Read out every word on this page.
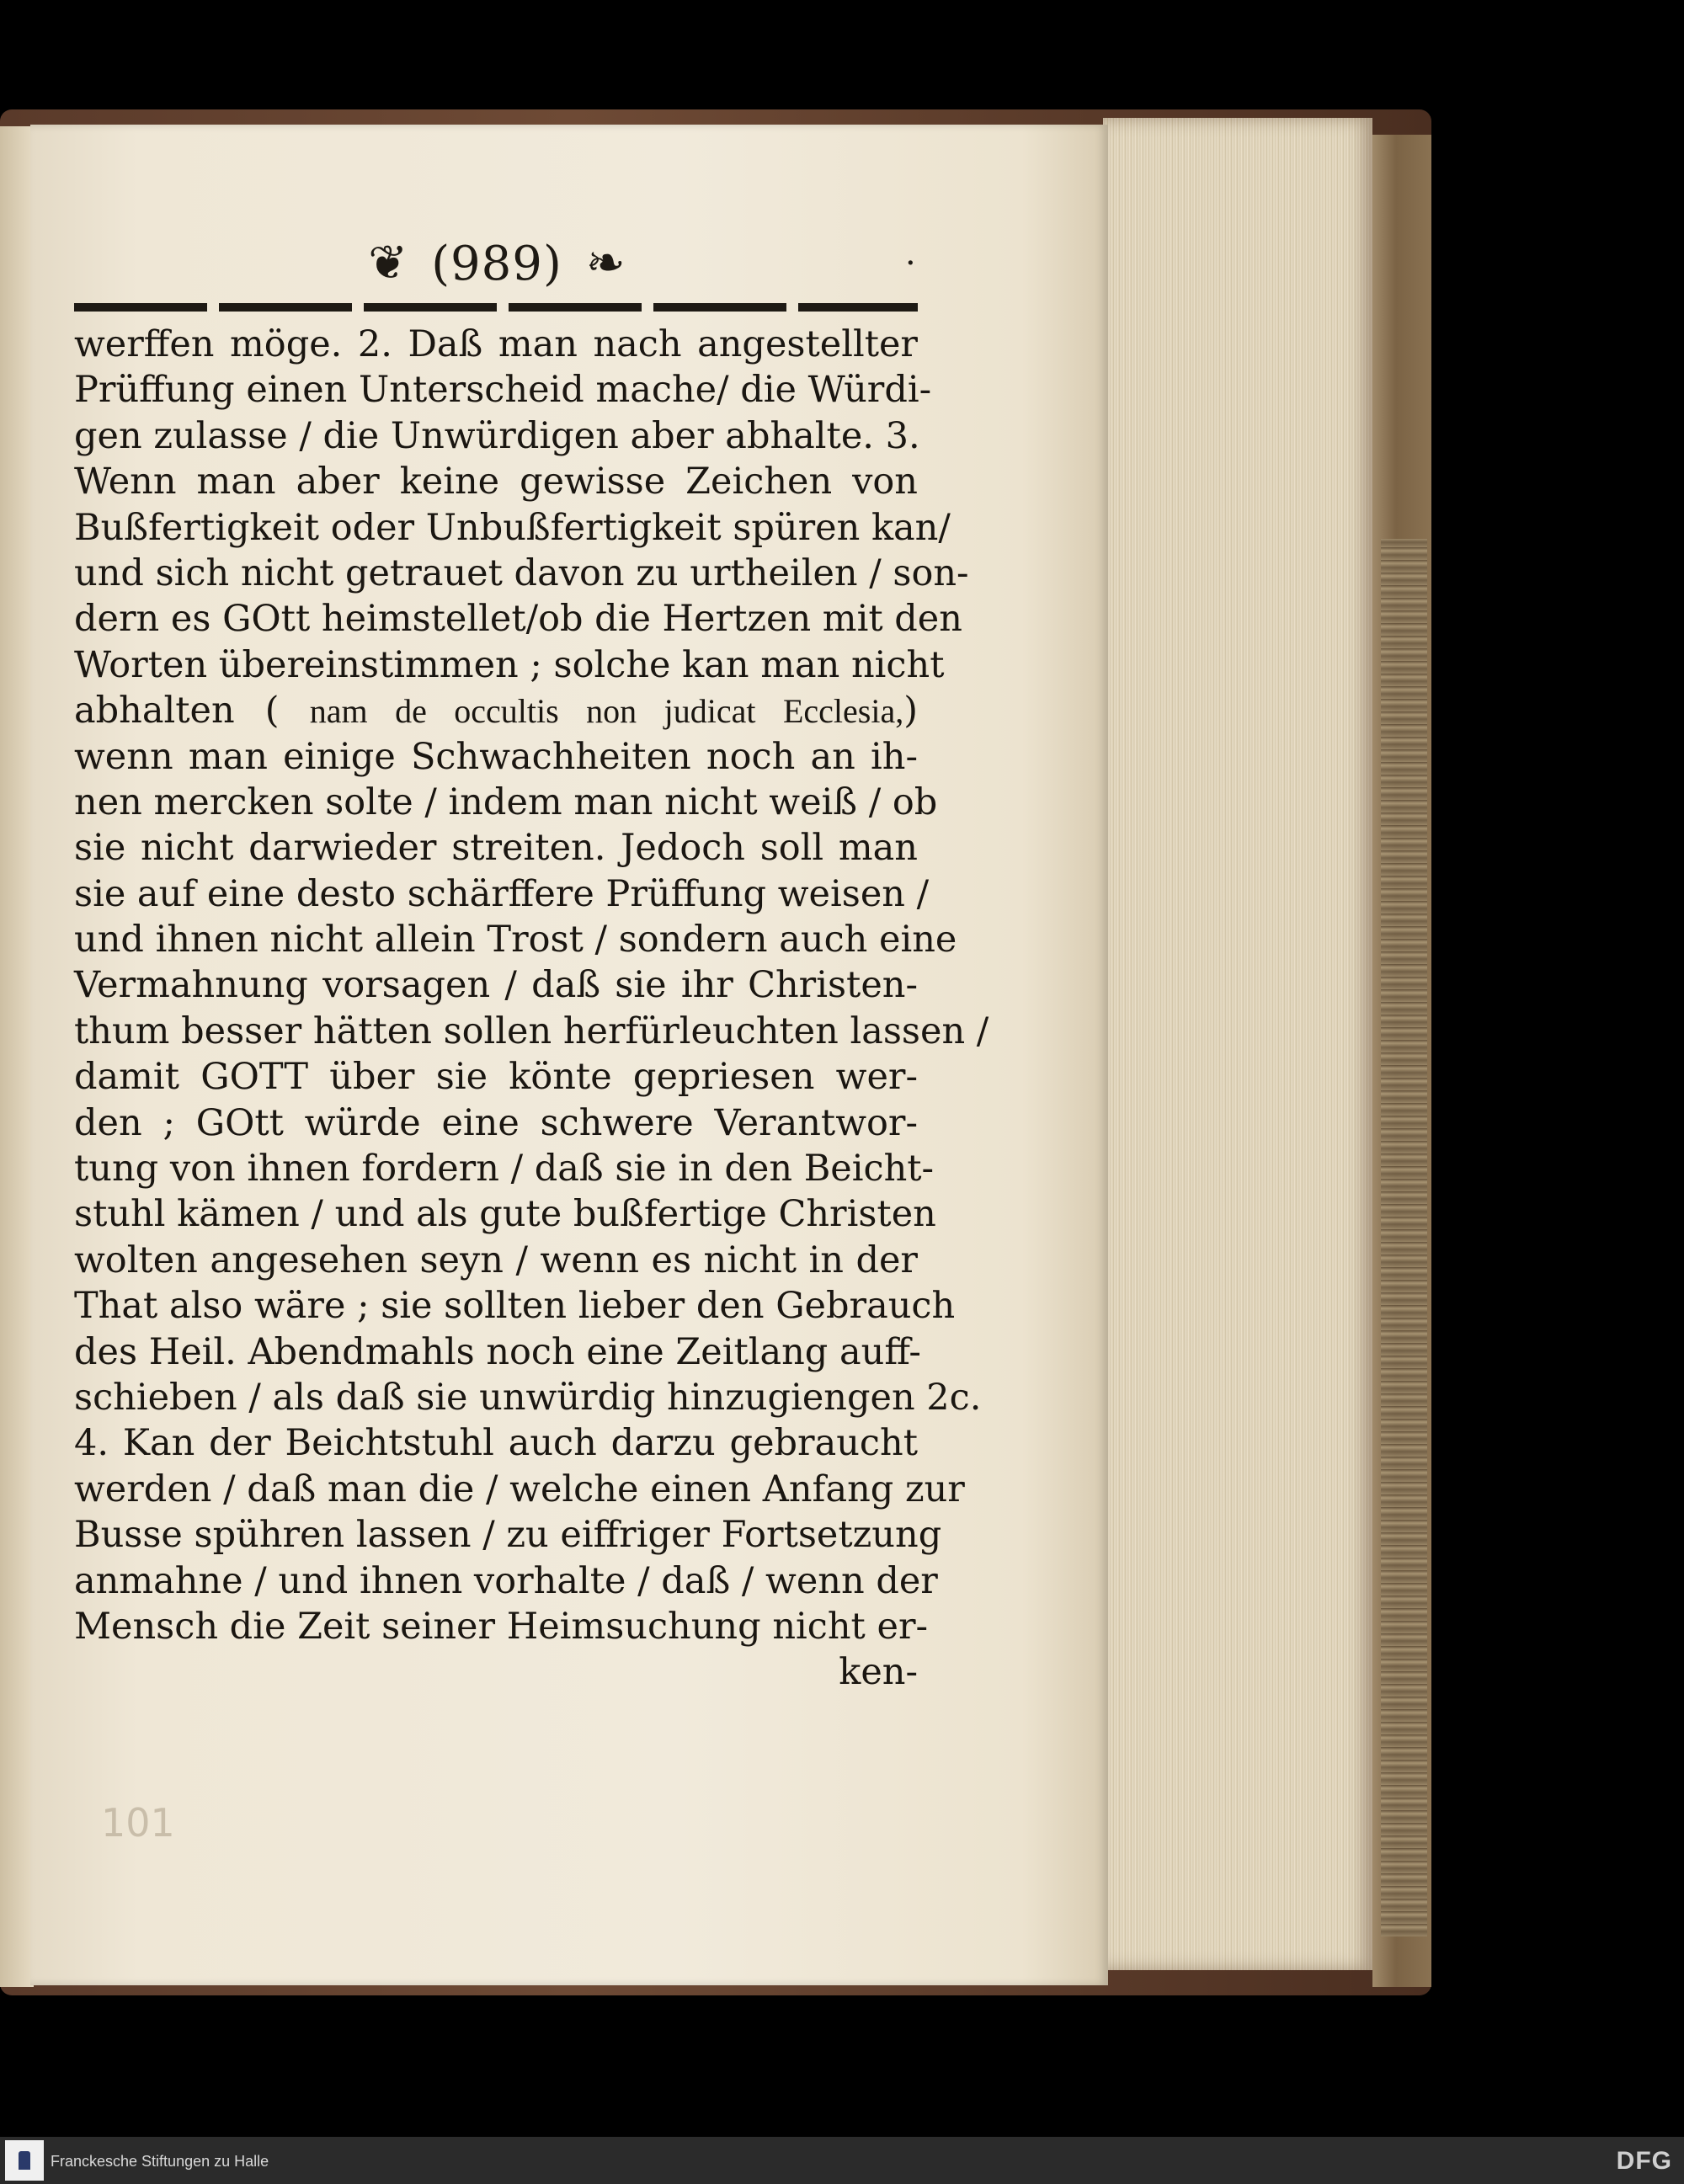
❦ (989) ❧	·
werffen möge. 2. Daß man nach angestellter
Prüffung einen Unterscheid mache/ die Würdi-
gen zulasse / die Unwürdigen aber abhalte. 3.
Wenn man aber keine gewisse Zeichen von
Bußfertigkeit oder Unbußfertigkeit spüren kan/
und sich nicht getrauet davon zu urtheilen / son-
dern es GOtt heimstellet/ob die Hertzen mit den
Worten übereinstimmen ; solche kan man nicht
abhalten ( nam de occultis non judicat Ecclesia,)
wenn man einige Schwachheiten noch an ih-
nen mercken solte / indem man nicht weiß / ob
sie nicht darwieder streiten. Jedoch soll man
sie auf eine desto schärffere Prüffung weisen /
und ihnen nicht allein Trost / sondern auch eine
Vermahnung vorsagen / daß sie ihr Christen-
thum besser hätten sollen herfürleuchten lassen /
damit GOTT über sie könte gepriesen wer-
den ; GOtt würde eine schwere Verantwor-
tung von ihnen fordern / daß sie in den Beicht-
stuhl kämen / und als gute bußfertige Christen
wolten angesehen seyn / wenn es nicht in der
That also wäre ; sie sollten lieber den Gebrauch
des Heil. Abendmahls noch eine Zeitlang auff-
schieben / als daß sie unwürdig hinzugiengen 2c.
4. Kan der Beichtstuhl auch darzu gebraucht
werden / daß man die / welche einen Anfang zur
Busse spühren lassen / zu eiffriger Fortsetzung
anmahne / und ihnen vorhalte / daß / wenn der
Mensch die Zeit seiner Heimsuchung nicht er-
ken-
101
Franckesche Stiftungen zu Halle	DFG
